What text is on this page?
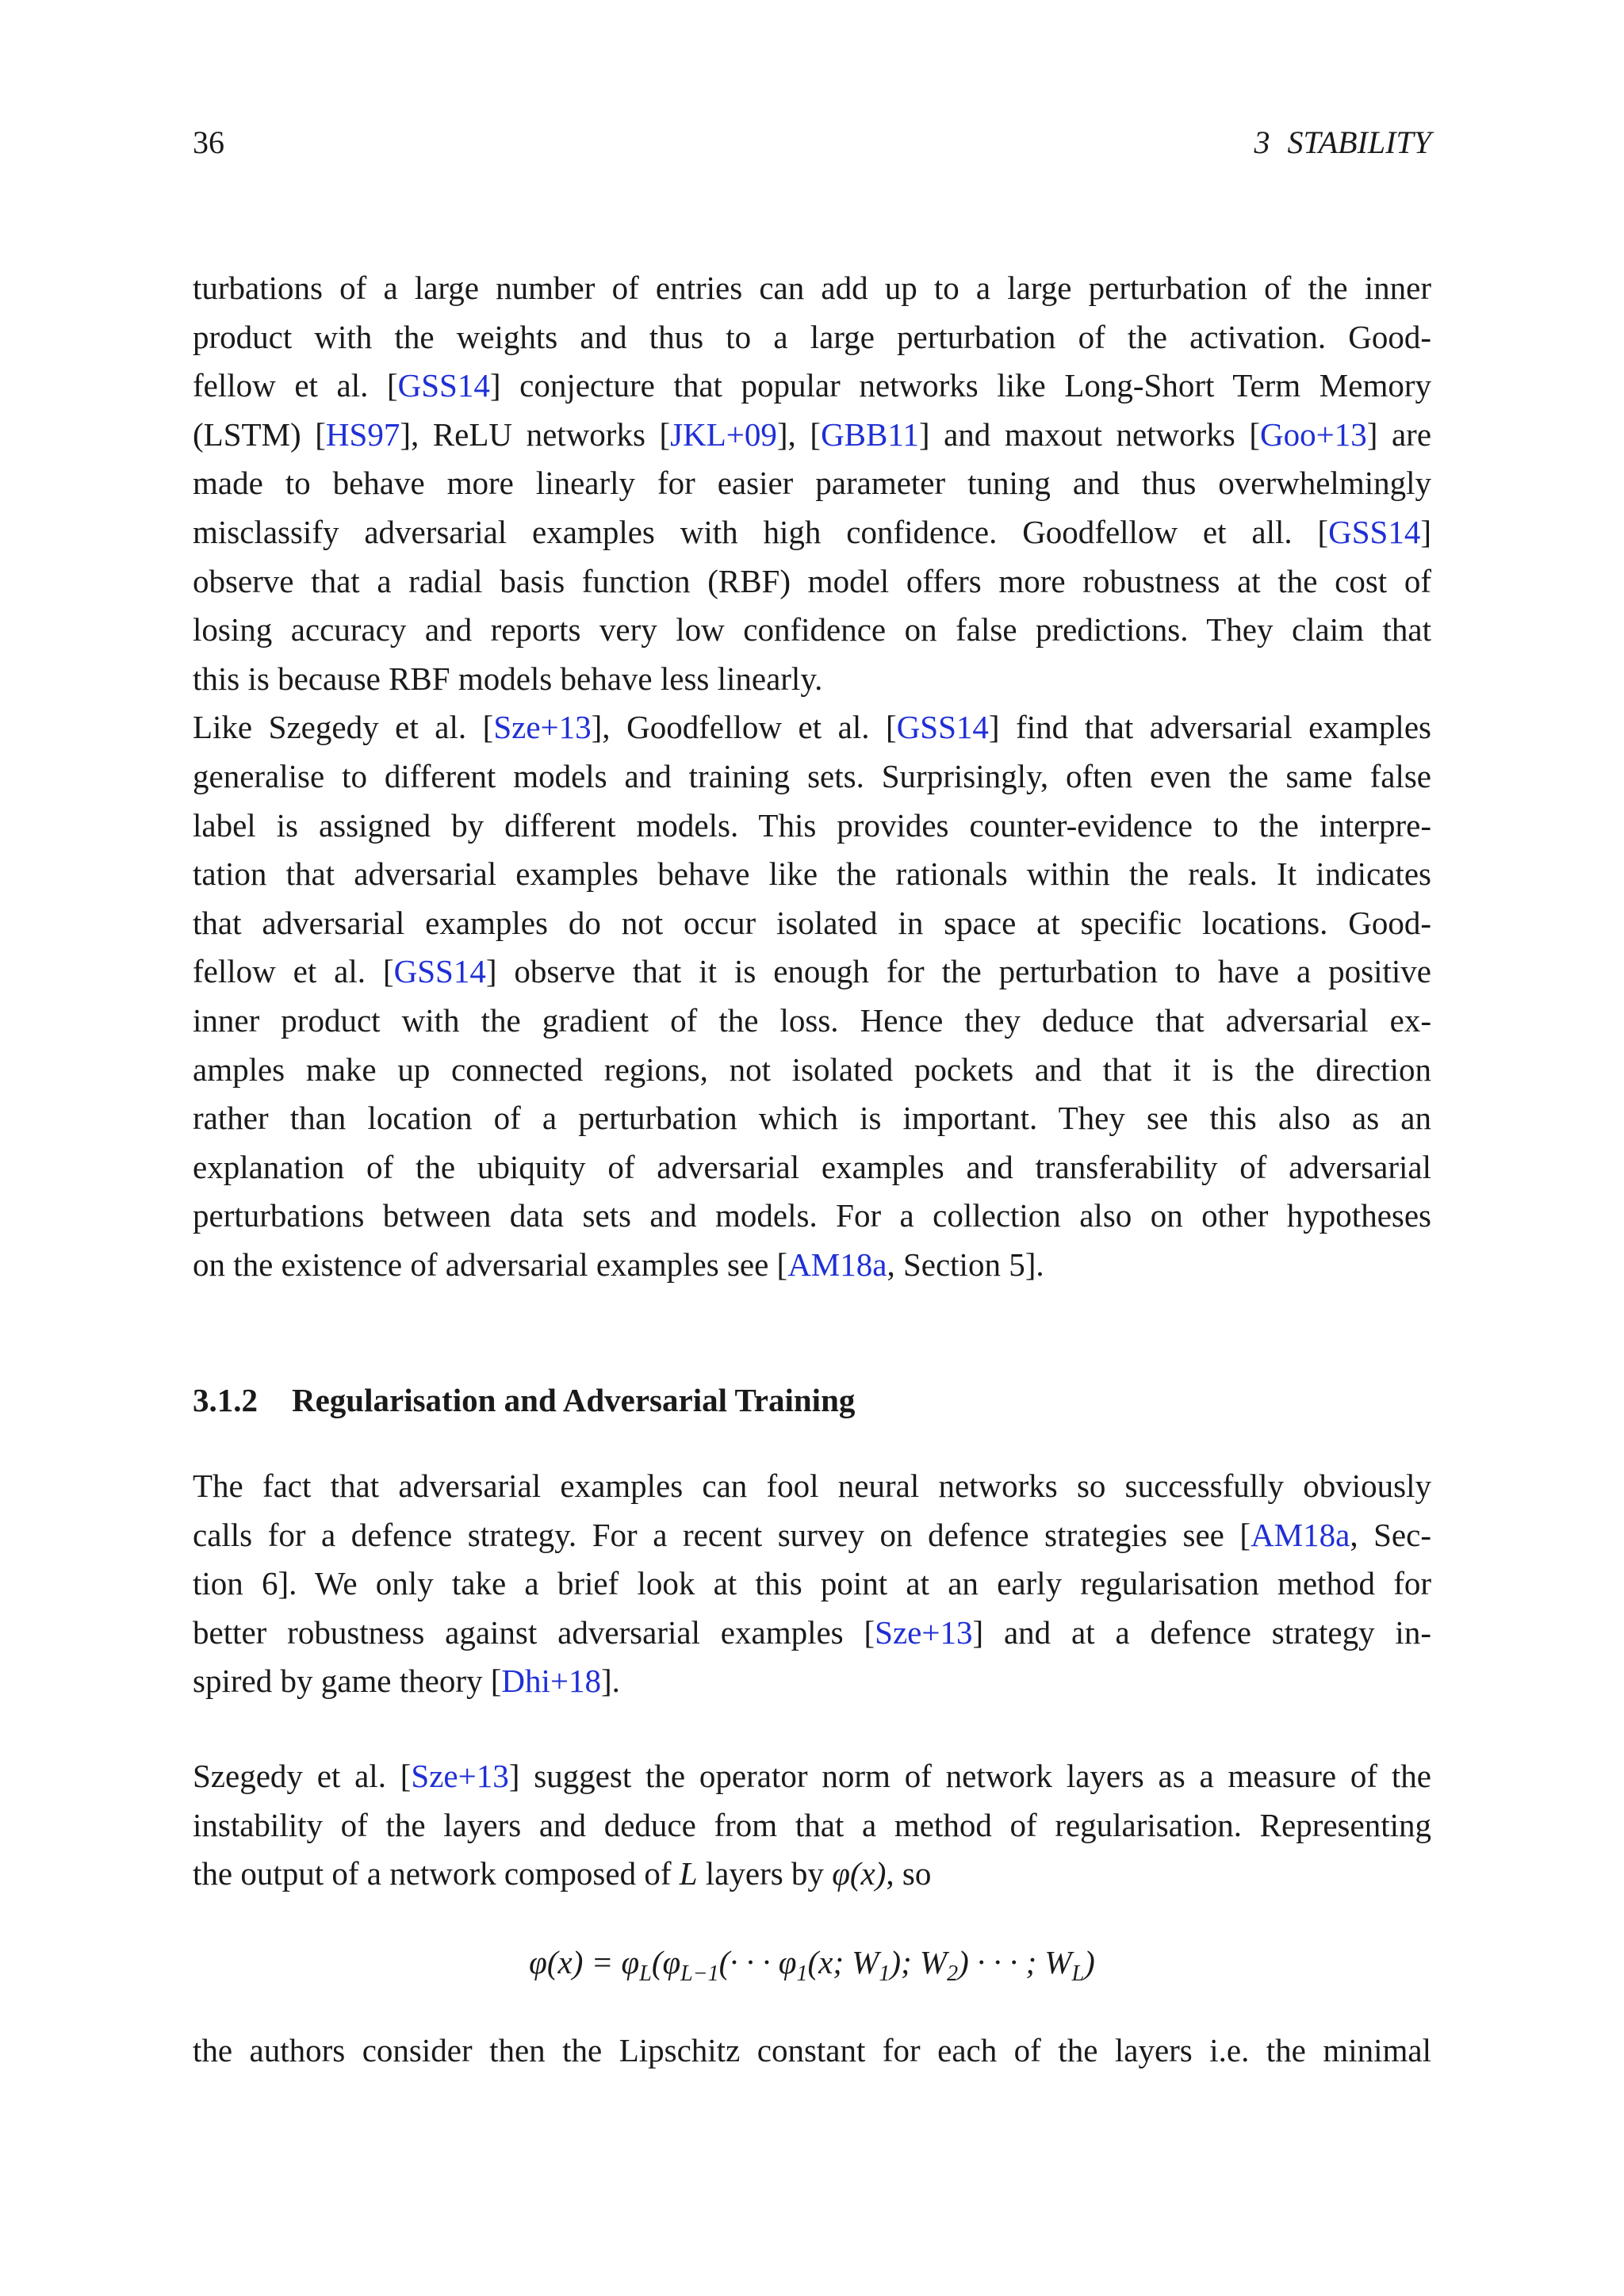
36	3 STABILITY
turbations of a large number of entries can add up to a large perturbation of the inner
product with the weights and thus to a large perturbation of the activation. Good-
fellow et al. [GSS14] conjecture that popular networks like Long-Short Term Memory
(LSTM) [HS97], ReLU networks [JKL+09], [GBB11] and maxout networks [Goo+13] are
made to behave more linearly for easier parameter tuning and thus overwhelmingly
misclassify adversarial examples with high confidence. Goodfellow et all. [GSS14]
observe that a radial basis function (RBF) model offers more robustness at the cost of
losing accuracy and reports very low confidence on false predictions. They claim that
this is because RBF models behave less linearly.
Like Szegedy et al. [Sze+13], Goodfellow et al. [GSS14] find that adversarial examples
generalise to different models and training sets. Surprisingly, often even the same false
label is assigned by different models. This provides counter-evidence to the interpre-
tation that adversarial examples behave like the rationals within the reals. It indicates
that adversarial examples do not occur isolated in space at specific locations. Good-
fellow et al. [GSS14] observe that it is enough for the perturbation to have a positive
inner product with the gradient of the loss. Hence they deduce that adversarial ex-
amples make up connected regions, not isolated pockets and that it is the direction
rather than location of a perturbation which is important. They see this also as an
explanation of the ubiquity of adversarial examples and transferability of adversarial
perturbations between data sets and models. For a collection also on other hypotheses
on the existence of adversarial examples see [AM18a, Section 5].
3.1.2 Regularisation and Adversarial Training
The fact that adversarial examples can fool neural networks so successfully obviously
calls for a defence strategy. For a recent survey on defence strategies see [AM18a, Sec-
tion 6]. We only take a brief look at this point at an early regularisation method for
better robustness against adversarial examples [Sze+13] and at a defence strategy in-
spired by game theory [Dhi+18].
Szegedy et al. [Sze+13] suggest the operator norm of network layers as a measure of the
instability of the layers and deduce from that a method of regularisation. Representing
the output of a network composed of L layers by φ(x), so
$\varphi(x) = \varphi_L(\varphi_{L-1}(\cdot$ · · $\varphi_1(x$; $W_1$); $W_2$) · · · ; $W_L$)
the authors consider then the Lipschitz constant for each of the layers i.e. the minimal
